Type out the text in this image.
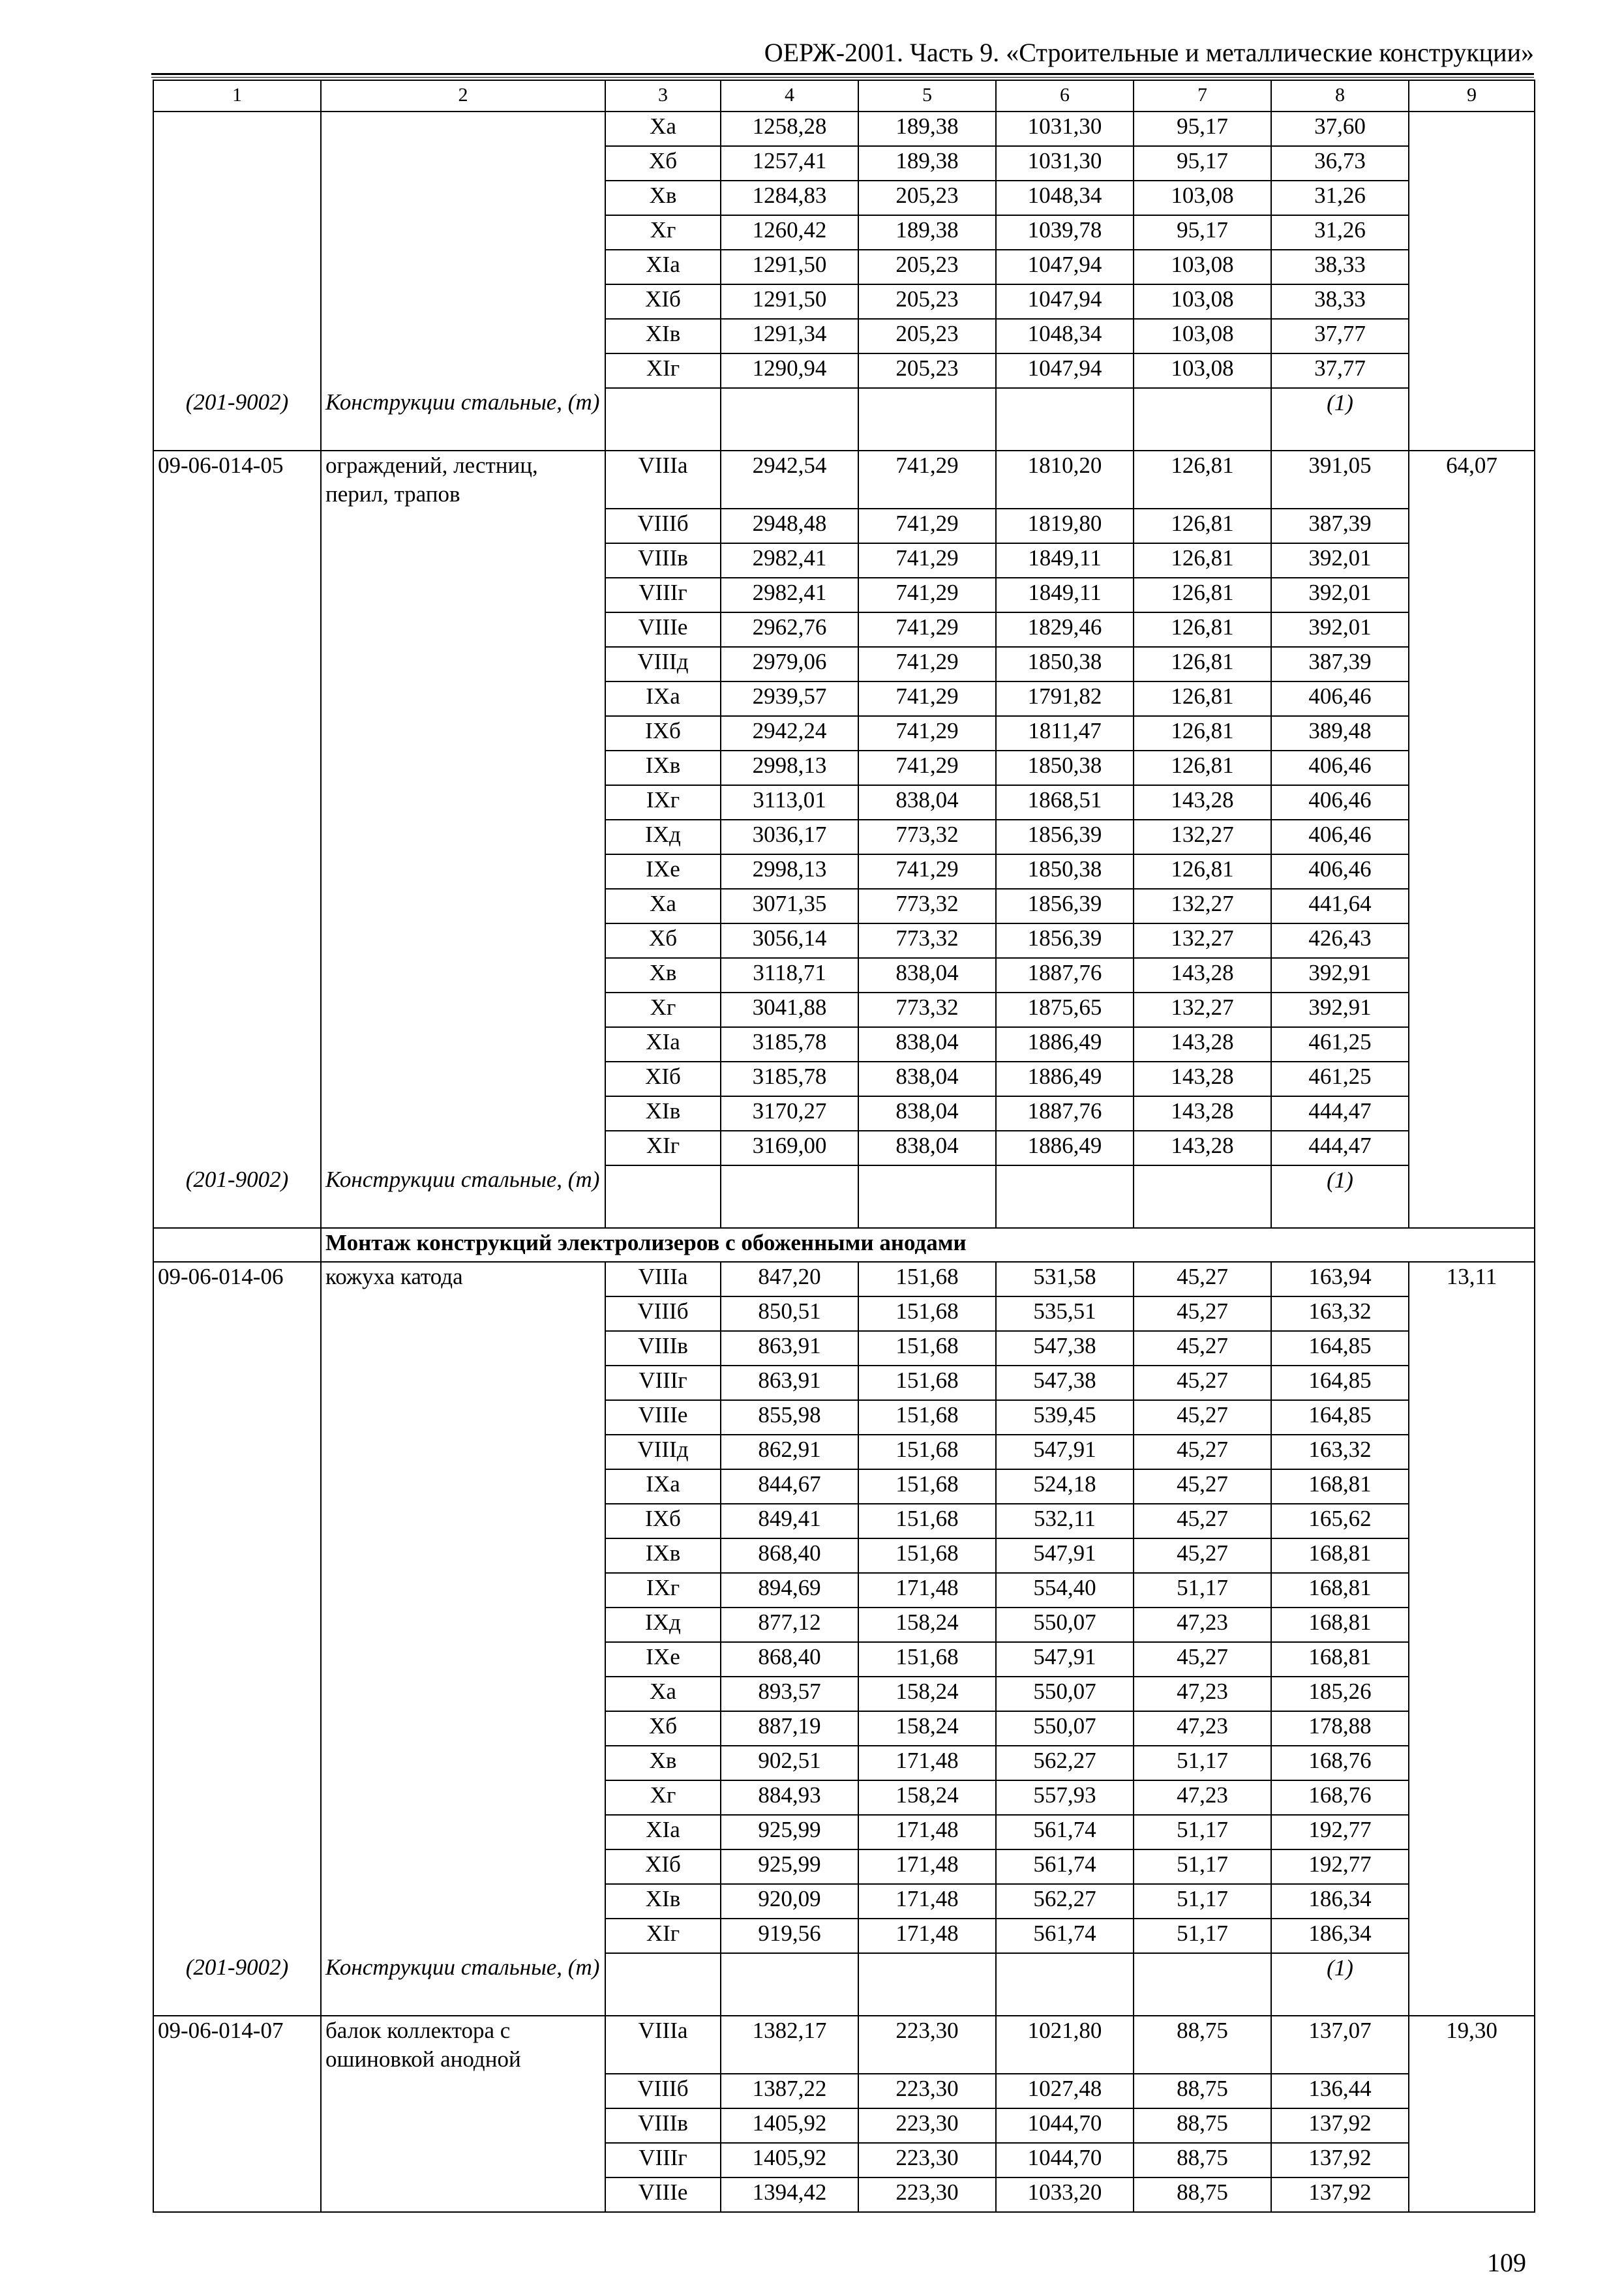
ОЕРЖ-2001. Часть 9. «Строительные и металлические конструкции»
1	2	3	4	5	6	7	8	9
		Xа	1258,28	189,38	1031,30	95,17	37,60	
		Xб	1257,41	189,38	1031,30	95,17	36,73	
		Xв	1284,83	205,23	1048,34	103,08	31,26	
		Xг	1260,42	189,38	1039,78	95,17	31,26	
		XIа	1291,50	205,23	1047,94	103,08	38,33	
		XIб	1291,50	205,23	1047,94	103,08	38,33	
		XIв	1291,34	205,23	1048,34	103,08	37,77	
		XIг	1290,94	205,23	1047,94	103,08	37,77	
(201-9002)	Конструкции стальные, (т)						(1)	
09-06-014-05	ограждений, лестниц, перил, трапов	VIIIа	2942,54	741,29	1810,20	126,81	391,05	64,07
		VIIIб	2948,48	741,29	1819,80	126,81	387,39	
		VIIIв	2982,41	741,29	1849,11	126,81	392,01	
		VIIIг	2982,41	741,29	1849,11	126,81	392,01	
		VIIIе	2962,76	741,29	1829,46	126,81	392,01	
		VIIIд	2979,06	741,29	1850,38	126,81	387,39	
		IXа	2939,57	741,29	1791,82	126,81	406,46	
		IXб	2942,24	741,29	1811,47	126,81	389,48	
		IXв	2998,13	741,29	1850,38	126,81	406,46	
		IXг	3113,01	838,04	1868,51	143,28	406,46	
		IXд	3036,17	773,32	1856,39	132,27	406,46	
		IXе	2998,13	741,29	1850,38	126,81	406,46	
		Xа	3071,35	773,32	1856,39	132,27	441,64	
		Xб	3056,14	773,32	1856,39	132,27	426,43	
		Xв	3118,71	838,04	1887,76	143,28	392,91	
		Xг	3041,88	773,32	1875,65	132,27	392,91	
		XIа	3185,78	838,04	1886,49	143,28	461,25	
		XIб	3185,78	838,04	1886,49	143,28	461,25	
		XIв	3170,27	838,04	1887,76	143,28	444,47	
		XIг	3169,00	838,04	1886,49	143,28	444,47	
(201-9002)	Конструкции стальные, (т)						(1)	
	Монтаж конструкций электролизеров с обоженными анодами							
09-06-014-06	кожуха катода	VIIIа	847,20	151,68	531,58	45,27	163,94	13,11
		VIIIб	850,51	151,68	535,51	45,27	163,32	
		VIIIв	863,91	151,68	547,38	45,27	164,85	
		VIIIг	863,91	151,68	547,38	45,27	164,85	
		VIIIе	855,98	151,68	539,45	45,27	164,85	
		VIIIд	862,91	151,68	547,91	45,27	163,32	
		IXа	844,67	151,68	524,18	45,27	168,81	
		IXб	849,41	151,68	532,11	45,27	165,62	
		IXв	868,40	151,68	547,91	45,27	168,81	
		IXг	894,69	171,48	554,40	51,17	168,81	
		IXд	877,12	158,24	550,07	47,23	168,81	
		IXе	868,40	151,68	547,91	45,27	168,81	
		Xа	893,57	158,24	550,07	47,23	185,26	
		Xб	887,19	158,24	550,07	47,23	178,88	
		Xв	902,51	171,48	562,27	51,17	168,76	
		Xг	884,93	158,24	557,93	47,23	168,76	
		XIа	925,99	171,48	561,74	51,17	192,77	
		XIб	925,99	171,48	561,74	51,17	192,77	
		XIв	920,09	171,48	562,27	51,17	186,34	
		XIг	919,56	171,48	561,74	51,17	186,34	
(201-9002)	Конструкции стальные, (т)						(1)	
09-06-014-07	балок коллектора с ошиновкой анодной	VIIIа	1382,17	223,30	1021,80	88,75	137,07	19,30
		VIIIб	1387,22	223,30	1027,48	88,75	136,44	
		VIIIв	1405,92	223,30	1044,70	88,75	137,92	
		VIIIг	1405,92	223,30	1044,70	88,75	137,92	
		VIIIе	1394,42	223,30	1033,20	88,75	137,92	
109
